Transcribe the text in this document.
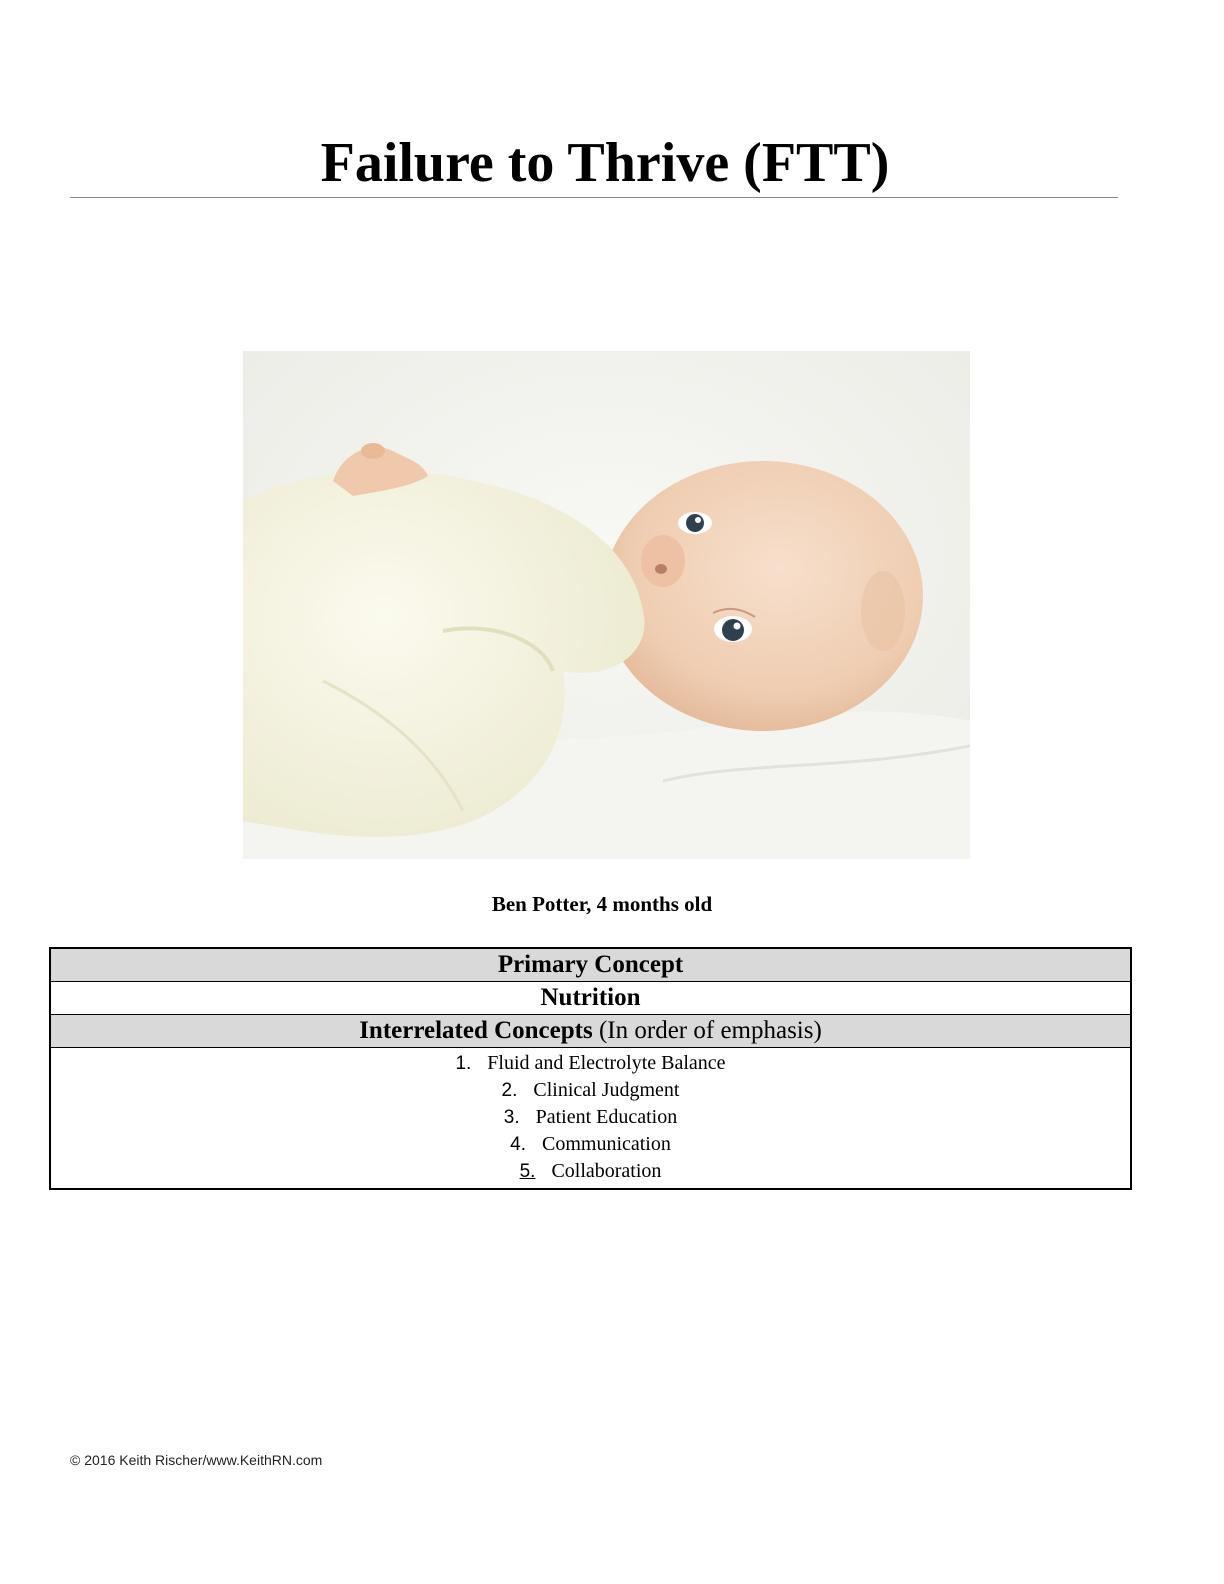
Failure to Thrive (FTT)
Ben Potter, 4 months old
Primary Concept
Nutrition
Interrelated Concepts (In order of emphasis)
1. Fluid and Electrolyte Balance
2. Clinical Judgment
3. Patient Education
4. Communication
5. Collaboration
© 2016 Keith Rischer/www.KeithRN.com
